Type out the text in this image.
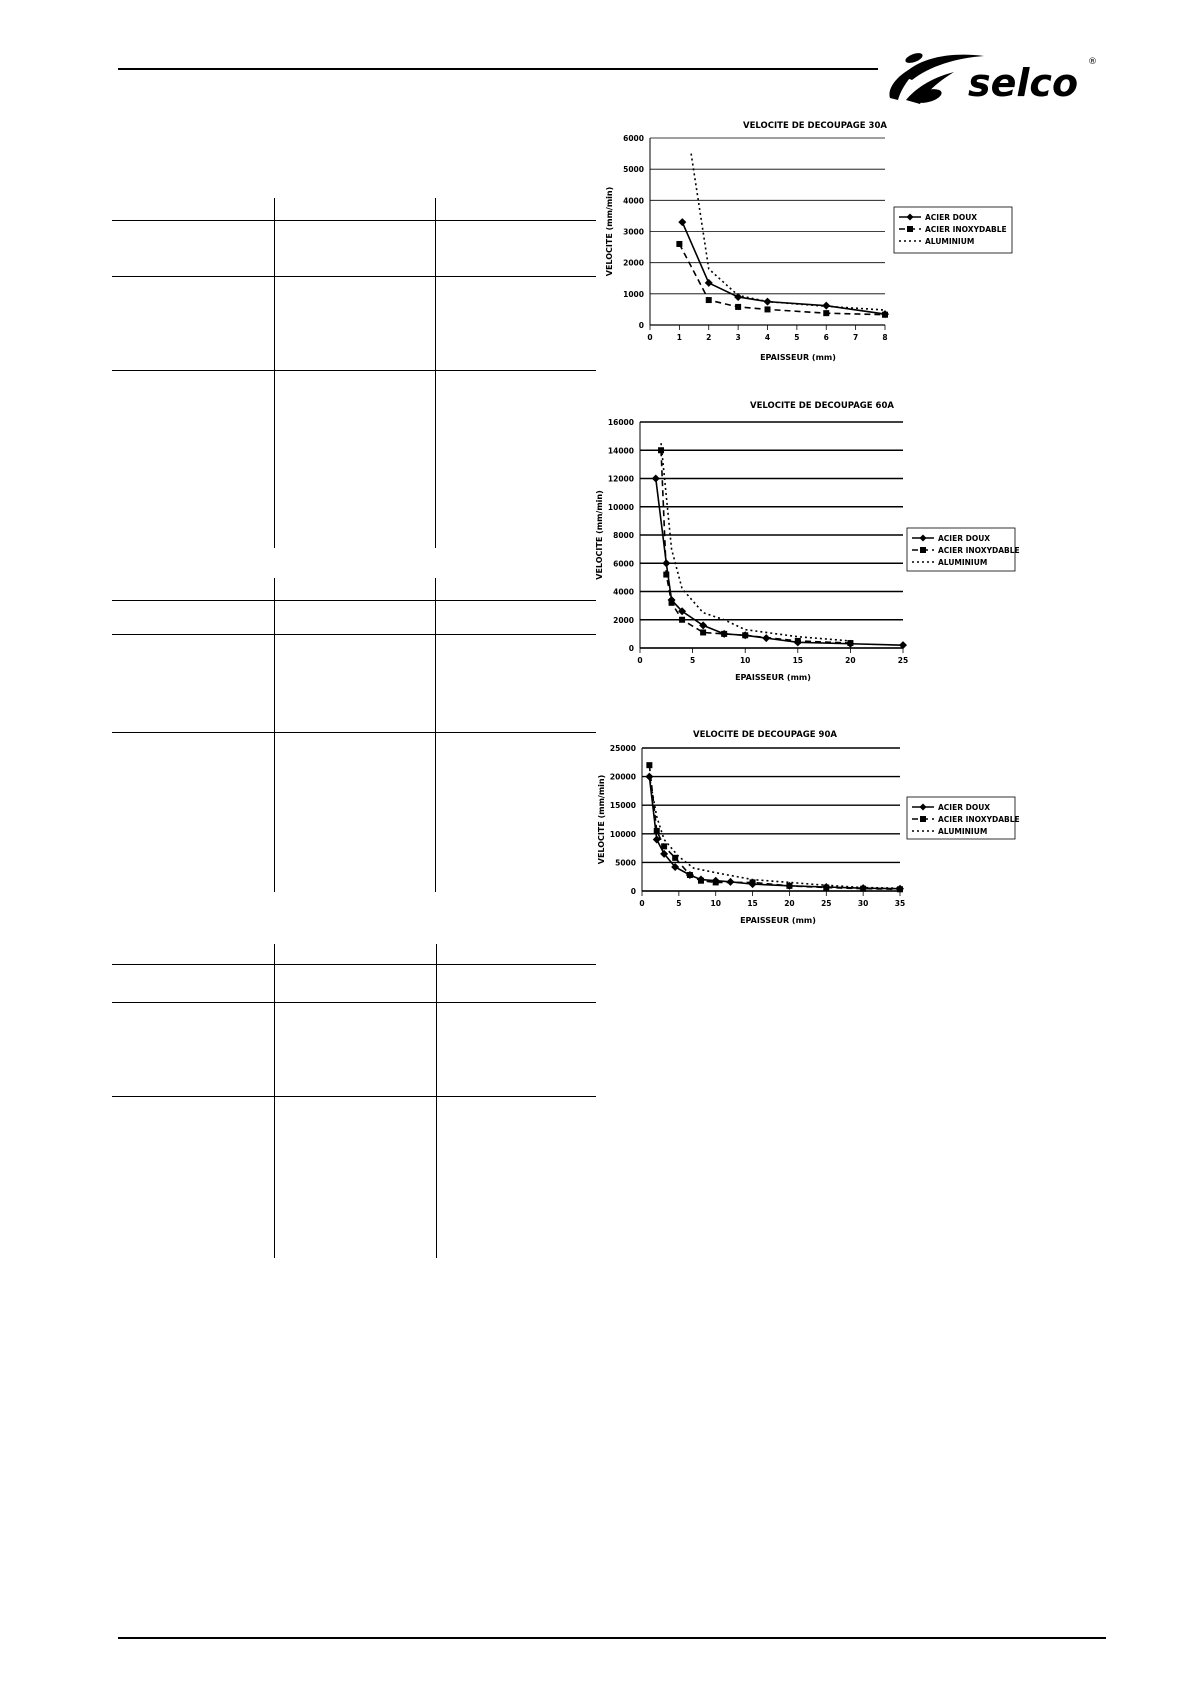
selco ®
VELOCITE DE DECOUPAGE 30A
0
1000
2000
3000
4000
5000
6000
0	1	2	3	4	5	6	7	8
EPAISSEUR (mm)
VELOCITE (mm/min)	ACIER DOUX
ACIER INOXYDABLE
ALUMINIUM
VELOCITE DE DECOUPAGE 60A
0
2000
4000
6000
8000
10000
12000
14000
16000
0	5	10	15	20	25
EPAISSEUR (mm)
VELOCITE (mm/min)	ACIER DOUX
ACIER INOXYDABLE
ALUMINIUM
VELOCITE DE DECOUPAGE 90A
0
5000
10000
15000
20000
25000
0	5	10	15	20	25	30	35
EPAISSEUR (mm)
VELOCITE (mm/min)	ACIER DOUX
ACIER INOXYDABLE
ALUMINIUM
